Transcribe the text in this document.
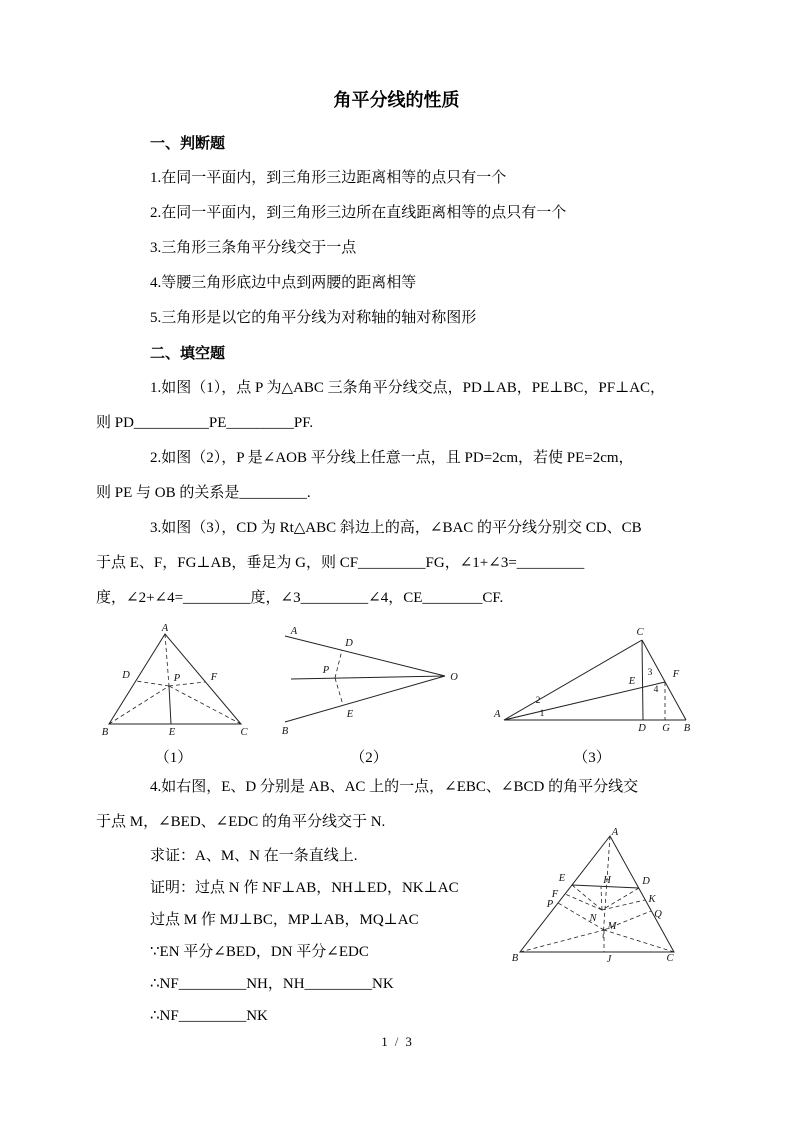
角平分线的性质
一、判断题
1.在同一平面内，到三角形三边距离相等的点只有一个
2.在同一平面内，到三角形三边所在直线距离相等的点只有一个
3.三角形三条角平分线交于一点
4.等腰三角形底边中点到两腰的距离相等
5.三角形是以它的角平分线为对称轴的轴对称图形
二、填空题
1.如图（1），点 P 为△ABC 三条角平分线交点，PD⊥AB，PE⊥BC，PF⊥AC，
则 PD__________PE_________PF.
2.如图（2），P 是∠AOB 平分线上任意一点，且 PD=2cm，若使 PE=2cm，
则 PE 与 OB 的关系是_________.
3.如图（3），CD 为 Rt△ABC 斜边上的高，∠BAC 的平分线分别交 CD、CB
于点 E、F，FG⊥AB，垂足为 G，则 CF_________FG，∠1+∠3=_________
度，∠2+∠4=_________度，∠3_________∠4，CE________CF.
A
B	C
D	F
P
E
（1）
A
D
P
E
B
O
（2）
A
C
B
D G
E
F
1
2
3
4
（3）
4.如右图，E、D 分别是 AB、AC 上的一点，∠EBC、∠BCD 的角平分线交
于点 M，∠BED、∠EDC 的角平分线交于 N.
A
B	C
E
F
D
H
K
N
M
J
P
Q
求证：A、M、N 在一条直线上.
证明：过点 N 作 NF⊥AB，NH⊥ED，NK⊥AC
过点 M 作 MJ⊥BC，MP⊥AB，MQ⊥AC
∵EN 平分∠BED，DN 平分∠EDC
∴NF_________NH，NH_________NK
∴NF_________NK
1 / 3
